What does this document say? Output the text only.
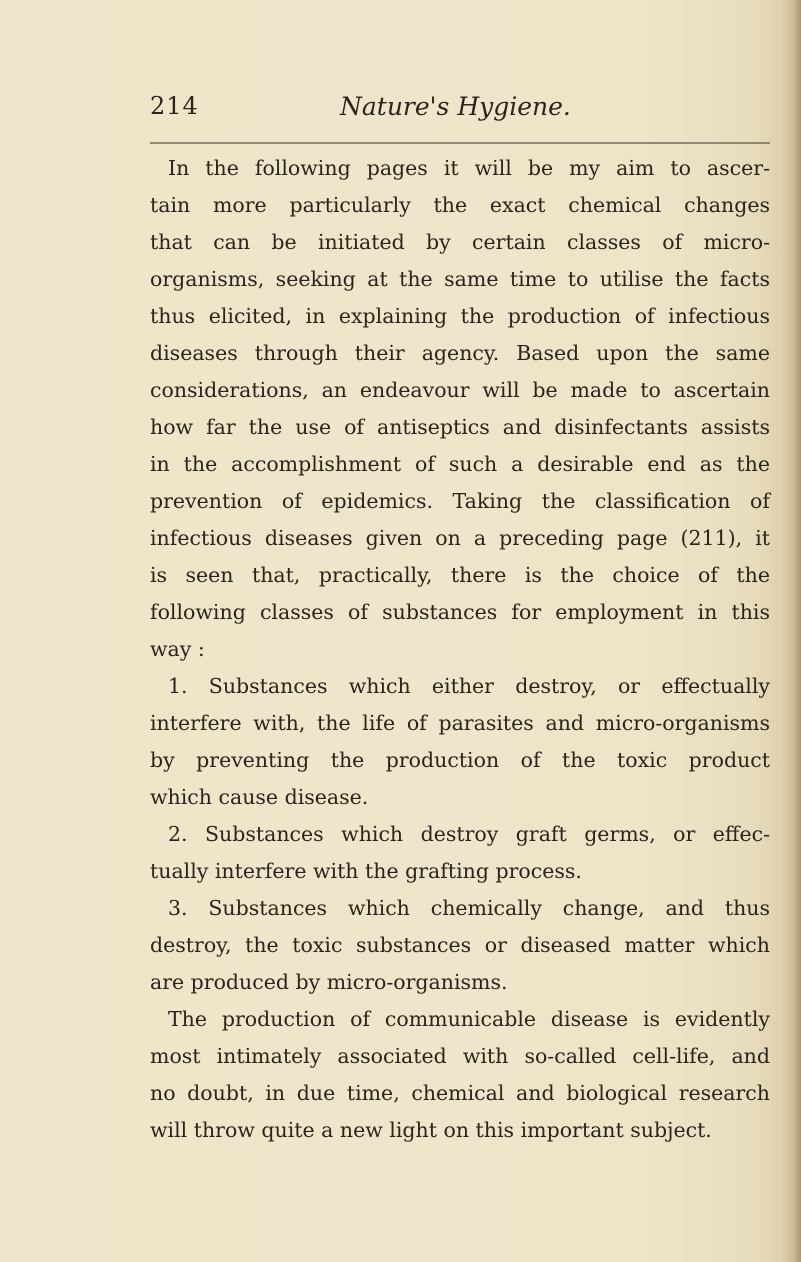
214	Nature's Hygiene.
In the following pages it will be my aim to ascer-
tain more particularly the exact chemical changes
that can be initiated by certain classes of micro-
organisms, seeking at the same time to utilise the facts
thus elicited, in explaining the production of infectious
diseases through their agency. Based upon the same
considerations, an endeavour will be made to ascertain
how far the use of antiseptics and disinfectants assists
in the accomplishment of such a desirable end as the
prevention of epidemics. Taking the classification of
infectious diseases given on a preceding page (211), it
is seen that, practically, there is the choice of the
following classes of substances for employment in this
way :
1. Substances which either destroy, or effectually
interfere with, the life of parasites and micro-organisms
by preventing the production of the toxic product
which cause disease.
2. Substances which destroy graft germs, or effec-
tually interfere with the grafting process.
3. Substances which chemically change, and thus
destroy, the toxic substances or diseased matter which
are produced by micro-organisms.
The production of communicable disease is evidently
most intimately associated with so-called cell-life, and
no doubt, in due time, chemical and biological research
will throw quite a new light on this important subject.
